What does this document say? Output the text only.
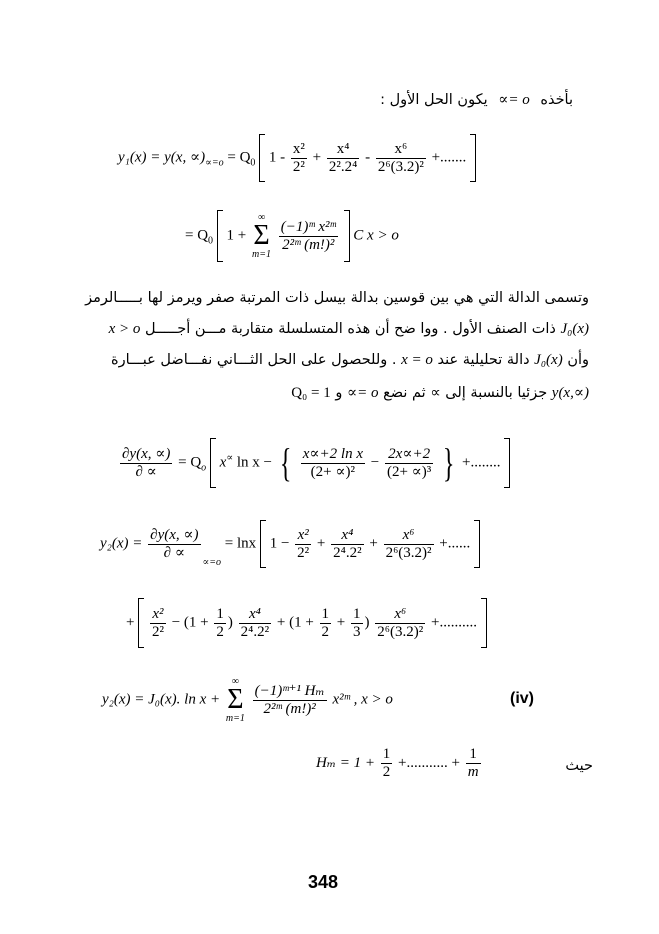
بأخذه ∝= o يكون الحل الأول :
y₁(x) = y(x, $\propto)_{\propto=o} = Q_0$ $1 - \frac{\text{x²}}{\text{2²}} + \frac{\text{x⁴}}{\text{2².2⁴}} - \frac{\text{x⁶}}{\text{2⁶(3.2)²}}$ +.......
= $Q_0$ 1 + ∞
Σ
m=1
$\frac{\text{(−1)ᵐ x²ᵐ}}{\text{2²ᵐ (m!)²}}$ C x > o
وتسمى الدالة التي هي بين قوسين بدالة بيسل ذات المرتبة صفر ويرمز لها بـــــالرمز
J₀(x) ذات الصنف الأول . ووا ضح أن هذه المتسلسلة متقاربة مـــن أجـــــل x > o
وأن J₀(x) دالة تحليلية عند x = o . وللحصول على الحل الثـــاني نفـــاضل عبـــارة
y(x,∝) جزئيا بالنسبة إلى ∝ ثم نضع ∝= o و Q₀ = 1
$\frac{\partial y(x, \propto)}{\partial \propto} = Q_o$ x∝ ln x − { $\frac{\text{x∝+2 ln x}}{\text{(2+ ∝)²}} - \frac{2x\propto+2}{\text{(2+ ∝)³}}$ } +........
$y_2(x) = \frac{\partial y(x, \propto)}{\partial \propto}$
$_{\propto=o}$ = lnx $1 - \frac{\text{x²}}{\text{2²}} + \frac{\text{x⁴}}{\text{2⁴.2²}} + \frac{\text{x⁶}}{\text{2⁶(3.2)²}}$ +......
+ $\frac{\text{x²}}{\text{2²}} - (1 + \frac{1}{2}$ ) $\frac{\text{x⁴}}{\text{2⁴.2²}} + (1 + \frac{1}{2} + \frac{1}{3}$ ) $\frac{\text{x⁶}}{\text{2⁶(3.2)²}}$ +..........
y₂(x) = J₀(x). ln x + ∞
Σ
m=1
$\frac{\text{(−1)ᵐ⁺¹ Hₘ}}{\text{2²ᵐ (m!)²}}$ x²ᵐ , x > o	(iv)
$H_m = 1 + \frac{1}{2}$ +........... + $\frac{1}{m}$	حيث
348
